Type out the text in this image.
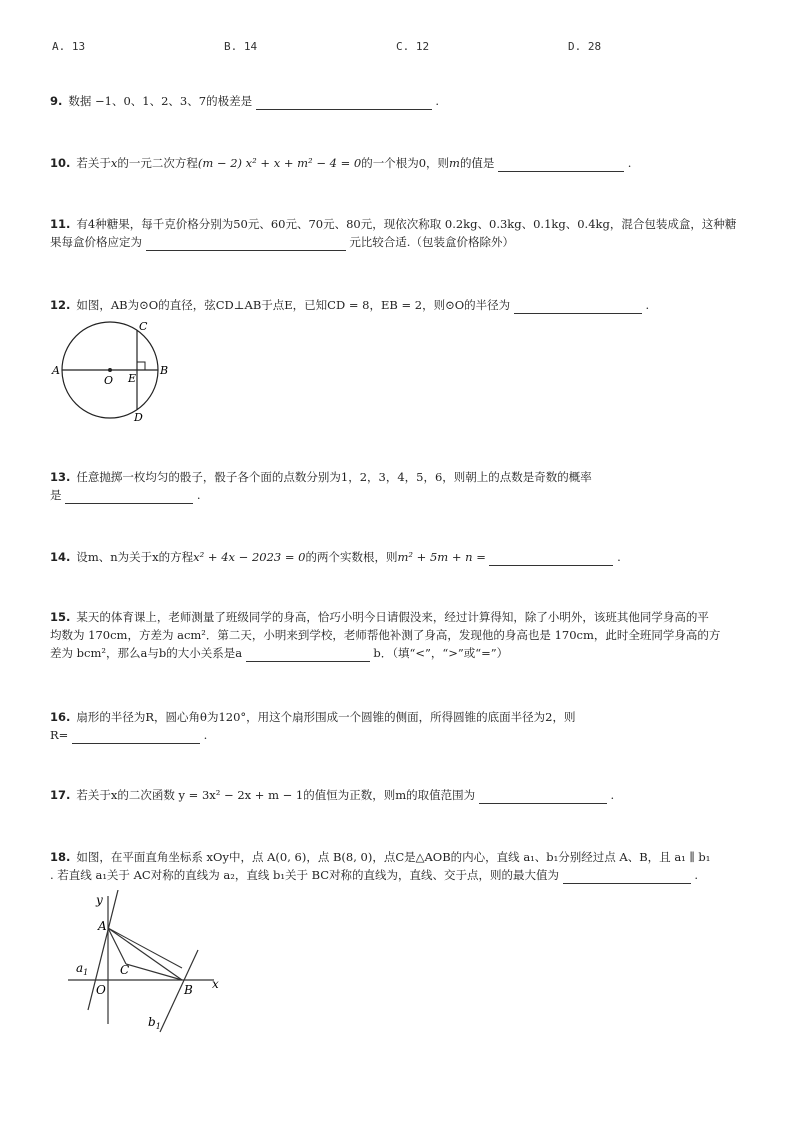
A. 13	B. 14	C. 12	D. 28
9. 数据 −1、0、1、2、3、7的极差是	.
10. 若关于x的一元二次方程(m − 2) x² + x + m² − 4 = 0的一个根为0，则m的值是	.
11. 有4种糖果，每千克价格分别为50元、60元、70元、80元，现依次称取 0.2kg、0.3kg、0.1kg、0.4kg，混合包装成盒，这种糖
果每盒价格应定为	元比较合适.（包装盒价格除外）
12. 如图，AB为⊙O的直径，弦CD⊥AB于点E，已知CD = 8，EB = 2，则⊙O的半径为	.
A	B
C
D
O E
13. 任意抛掷一枚均匀的骰子，骰子各个面的点数分别为1，2，3，4，5，6，则朝上的点数是奇数的概率
是	.
14. 设m、n为关于x的方程x² + 4x − 2023 = 0的两个实数根，则m² + 5m + n =	.
15. 某天的体育课上，老师测量了班级同学的身高，恰巧小明今日请假没来，经过计算得知，除了小明外，该班其他同学身高的平
均数为 170cm，方差为 acm²．第二天，小明来到学校，老师帮他补测了身高，发现他的身高也是 170cm，此时全班同学身高的方
差为 bcm²，那么a与b的大小关系是a	b．（填“<”，“>”或“=”）
16. 扇形的半径为R，圆心角θ为120°，用这个扇形围成一个圆锥的侧面，所得圆锥的底面半径为2，则
R=	.
17. 若关于x的二次函数 y = 3x² − 2x + m − 1的值恒为正数，则m的取值范围为	.
18. 如图，在平面直角坐标系 xOy中，点 A(0, 6)，点 B(8, 0)，点C是△AOB的内心，直线 a₁、b₁分别经过点 A、B，且 a₁ ∥ b₁
. 若直线 a₁关于 AC对称的直线为 a₂，直线 b₁关于 BC对称的直线为，直线、交于点，则的最大值为	.
y
x
A
B
C
O
$a_1$
$b_1$
